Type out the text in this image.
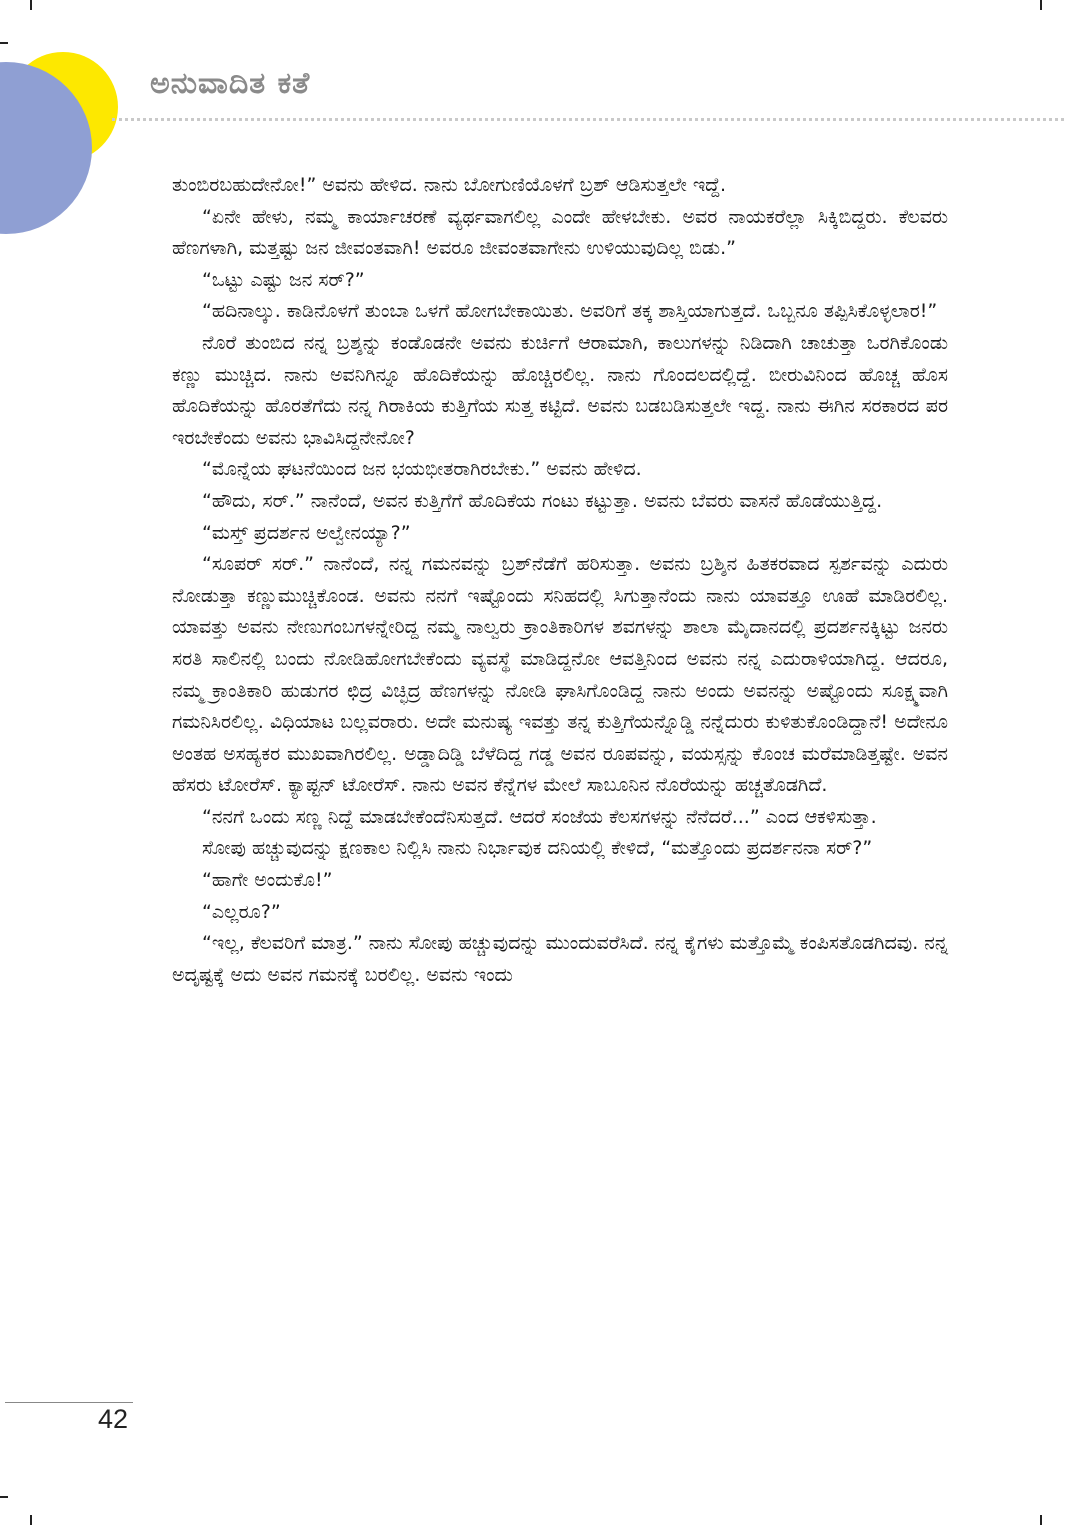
ಅನುವಾದಿತ ಕತೆ

ತುಂಬಿರಬಹುದೇನೋ!” ಅವನು ಹೇಳಿದ. ನಾನು ಬೋಗುಣಿಯೊಳಗೆ ಬ್ರಶ್ ಆಡಿಸುತ್ತಲೇ ಇದ್ದೆ.

“ಏನೇ ಹೇಳು, ನಮ್ಮ ಕಾರ್ಯಾಚರಣೆ ವ್ಯರ್ಥವಾಗಲಿಲ್ಲ ಎಂದೇ ಹೇಳಬೇಕು. ಅವರ ನಾಯಕರೆಲ್ಲಾ ಸಿಕ್ಕಿಬಿದ್ದರು. ಕೆಲವರು ಹೆಣಗಳಾಗಿ, ಮತ್ತಷ್ಟು ಜನ ಜೀವಂತವಾಗಿ! ಅವರೂ ಜೀವಂತವಾಗೇನು ಉಳಿಯುವುದಿಲ್ಲ ಬಿಡು.”

“ಒಟ್ಟು ಎಷ್ಟು ಜನ ಸರ್?”

“ಹದಿನಾಲ್ಕು. ಕಾಡಿನೊಳಗೆ ತುಂಬಾ ಒಳಗೆ ಹೋಗಬೇಕಾಯಿತು. ಅವರಿಗೆ ತಕ್ಕ ಶಾಸ್ತಿಯಾಗುತ್ತದೆ. ಒಬ್ಬನೂ ತಪ್ಪಿಸಿಕೊಳ್ಳಲಾರ!”

ನೊರೆ ತುಂಬಿದ ನನ್ನ ಬ್ರಶ್ಶನ್ನು ಕಂಡೊಡನೇ ಅವನು ಕುರ್ಚಿಗೆ ಆರಾಮಾಗಿ, ಕಾಲುಗಳನ್ನು ನಿಡಿದಾಗಿ ಚಾಚುತ್ತಾ ಒರಗಿಕೊಂಡು ಕಣ್ಣು ಮುಚ್ಚಿದ. ನಾನು ಅವನಿಗಿನ್ನೂ ಹೊದಿಕೆಯನ್ನು ಹೊಚ್ಚಿರಲಿಲ್ಲ. ನಾನು ಗೊಂದಲದಲ್ಲಿದ್ದೆ. ಬೀರುವಿನಿಂದ ಹೊಚ್ಚ ಹೊಸ ಹೊದಿಕೆಯನ್ನು ಹೊರತೆಗೆದು ನನ್ನ ಗಿರಾಕಿಯ ಕುತ್ತಿಗೆಯ ಸುತ್ತ ಕಟ್ಟಿದೆ. ಅವನು ಬಡಬಡಿಸುತ್ತಲೇ ಇದ್ದ. ನಾನು ಈಗಿನ ಸರಕಾರದ ಪರ ಇರಬೇಕೆಂದು ಅವನು ಭಾವಿಸಿದ್ದನೇನೋ?

“ಮೊನ್ನೆಯ ಘಟನೆಯಿಂದ ಜನ ಭಯಭೀತರಾಗಿರಬೇಕು.” ಅವನು ಹೇಳಿದ.

“ಹೌದು, ಸರ್.” ನಾನೆಂದೆ, ಅವನ ಕುತ್ತಿಗೆಗೆ ಹೊದಿಕೆಯ ಗಂಟು ಕಟ್ಟುತ್ತಾ. ಅವನು ಬೆವರು ವಾಸನೆ ಹೊಡೆಯುತ್ತಿದ್ದ.

“ಮಸ್ತ್ ಪ್ರದರ್ಶನ ಅಲ್ವೇನಯ್ಯಾ?”

“ಸೂಪರ್ ಸರ್.” ನಾನೆಂದೆ, ನನ್ನ ಗಮನವನ್ನು ಬ್ರಶ್‌ನೆಡೆಗೆ ಹರಿಸುತ್ತಾ. ಅವನು ಬ್ರಶ್ಶಿನ ಹಿತಕರವಾದ ಸ್ಪರ್ಶವನ್ನು ಎದುರು ನೋಡುತ್ತಾ ಕಣ್ಣುಮುಚ್ಚಿಕೊಂಡ. ಅವನು ನನಗೆ ಇಷ್ಟೊಂದು ಸನಿಹದಲ್ಲಿ ಸಿಗುತ್ತಾನೆಂದು ನಾನು ಯಾವತ್ತೂ ಊಹೆ ಮಾಡಿರಲಿಲ್ಲ. ಯಾವತ್ತು ಅವನು ನೇಣುಗಂಬಗಳನ್ನೇರಿದ್ದ ನಮ್ಮ ನಾಲ್ವರು ಕ್ರಾಂತಿಕಾರಿಗಳ ಶವಗಳನ್ನು ಶಾಲಾ ಮೈದಾನದಲ್ಲಿ ಪ್ರದರ್ಶನಕ್ಕಿಟ್ಟು ಜನರು ಸರತಿ ಸಾಲಿನಲ್ಲಿ ಬಂದು ನೋಡಿಹೋಗಬೇಕೆಂದು ವ್ಯವಸ್ಥೆ ಮಾಡಿದ್ದನೋ ಆವತ್ತಿನಿಂದ ಅವನು ನನ್ನ ಎದುರಾಳಿಯಾಗಿದ್ದ. ಆದರೂ, ನಮ್ಮ ಕ್ರಾಂತಿಕಾರಿ ಹುಡುಗರ ಛಿದ್ರ ವಿಚ್ಛಿದ್ರ ಹೆಣಗಳನ್ನು ನೋಡಿ ಘಾಸಿಗೊಂಡಿದ್ದ ನಾನು ಅಂದು ಅವನನ್ನು ಅಷ್ಟೊಂದು ಸೂಕ್ಷ್ಮವಾಗಿ ಗಮನಿಸಿರಲಿಲ್ಲ. ವಿಧಿಯಾಟ ಬಲ್ಲವರಾರು. ಅದೇ ಮನುಷ್ಯ ಇವತ್ತು ತನ್ನ ಕುತ್ತಿಗೆಯನ್ನೊಡ್ಡಿ ನನ್ನೆದುರು ಕುಳಿತುಕೊಂಡಿದ್ದಾನೆ! ಅದೇನೂ ಅಂತಹ ಅಸಹ್ಯಕರ ಮುಖವಾಗಿರಲಿಲ್ಲ. ಅಡ್ಡಾದಿಡ್ಡಿ ಬೆಳೆದಿದ್ದ ಗಡ್ಡ ಅವನ ರೂಪವನ್ನು, ವಯಸ್ಸನ್ನು ಕೊಂಚ ಮರೆಮಾಡಿತ್ತಷ್ಟೇ. ಅವನ ಹೆಸರು ಟೋರೆಸ್. ಕ್ಯಾಪ್ಟನ್ ಟೋರೆಸ್. ನಾನು ಅವನ ಕೆನ್ನೆಗಳ ಮೇಲೆ ಸಾಬೂನಿನ ನೊರೆಯನ್ನು ಹಚ್ಚತೊಡಗಿದೆ.

“ನನಗೆ ಒಂದು ಸಣ್ಣ ನಿದ್ದೆ ಮಾಡಬೇಕೆಂದೆನಿಸುತ್ತದೆ. ಆದರೆ ಸಂಜೆಯ ಕೆಲಸಗಳನ್ನು ನೆನೆದರೆ...” ಎಂದ ಆಕಳಿಸುತ್ತಾ.

ಸೋಪು ಹಚ್ಚುವುದನ್ನು ಕ್ಷಣಕಾಲ ನಿಲ್ಲಿಸಿ ನಾನು ನಿರ್ಭಾವುಕ ದನಿಯಲ್ಲಿ ಕೇಳಿದೆ, “ಮತ್ತೊಂದು ಪ್ರದರ್ಶನನಾ ಸರ್?”

“ಹಾಗೇ ಅಂದುಕೊ!”

“ಎಲ್ಲರೂ?”

“ಇಲ್ಲ, ಕೆಲವರಿಗೆ ಮಾತ್ರ.” ನಾನು ಸೋಪು ಹಚ್ಚುವುದನ್ನು ಮುಂದುವರೆಸಿದೆ. ನನ್ನ ಕೈಗಳು ಮತ್ತೊಮ್ಮೆ ಕಂಪಿಸತೊಡಗಿದವು. ನನ್ನ ಅದೃಷ್ಟಕ್ಕೆ ಅದು ಅವನ ಗಮನಕ್ಕೆ ಬರಲಿಲ್ಲ. ಅವನು ಇಂದು

42
